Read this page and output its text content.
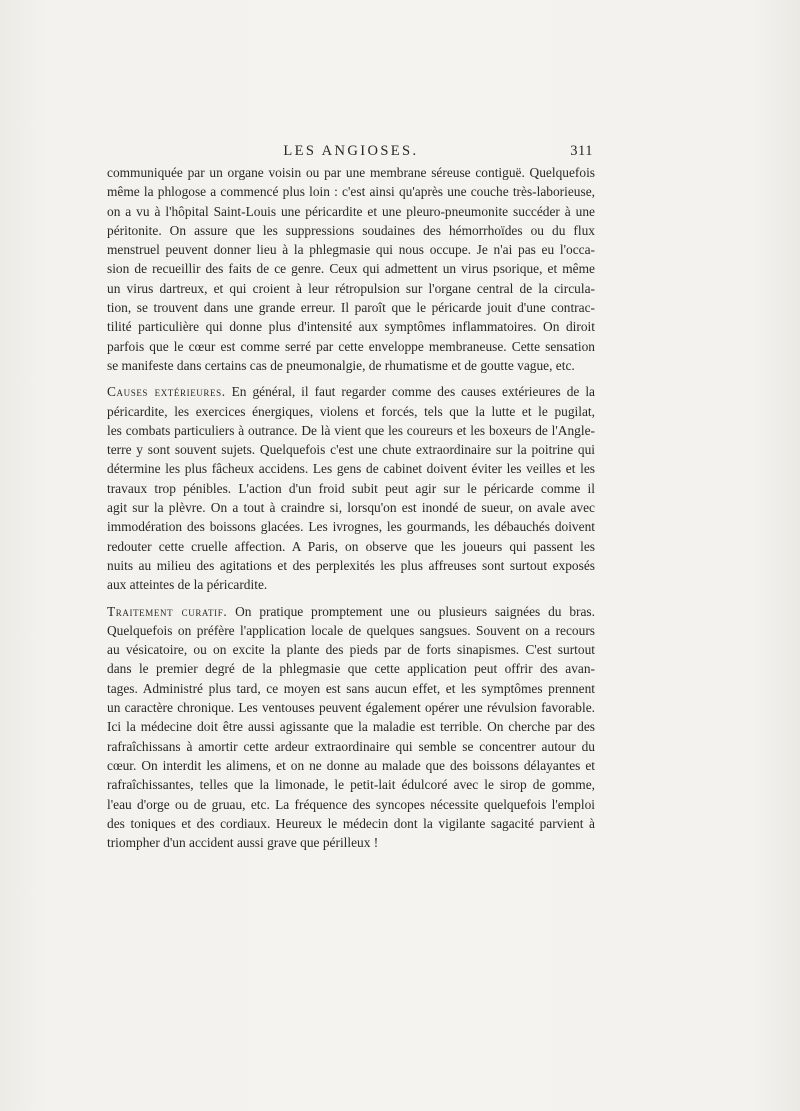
LES ANGIOSES.	311

communiquée par un organe voisin ou par une membrane séreuse contiguë. Quelquefois
même la phlogose a commencé plus loin : c'est ainsi qu'après une couche très-laborieuse,
on a vu à l'hôpital Saint-Louis une péricardite et une pleuro-pneumonite succéder à une
péritonite. On assure que les suppressions soudaines des hémorrhoïdes ou du flux
menstruel peuvent donner lieu à la phlegmasie qui nous occupe. Je n'ai pas eu l'occa-
sion de recueillir des faits de ce genre. Ceux qui admettent un virus psorique, et même
un virus dartreux, et qui croient à leur rétropulsion sur l'organe central de la circula-
tion, se trouvent dans une grande erreur. Il paroît que le péricarde jouit d'une contrac-
tilité particulière qui donne plus d'intensité aux symptômes inflammatoires. On diroit
parfois que le cœur est comme serré par cette enveloppe membraneuse. Cette sensation
se manifeste dans certains cas de pneumonalgie, de rhumatisme et de goutte vague, etc.

Causes extérieures. En général, il faut regarder comme des causes extérieures de la
péricardite, les exercices énergiques, violens et forcés, tels que la lutte et le pugilat,
les combats particuliers à outrance. De là vient que les coureurs et les boxeurs de l'Angle-
terre y sont souvent sujets. Quelquefois c'est une chute extraordinaire sur la poitrine qui
détermine les plus fâcheux accidens. Les gens de cabinet doivent éviter les veilles et les
travaux trop pénibles. L'action d'un froid subit peut agir sur le péricarde comme il
agit sur la plèvre. On a tout à craindre si, lorsqu'on est inondé de sueur, on avale avec
immodération des boissons glacées. Les ivrognes, les gourmands, les débauchés doivent
redouter cette cruelle affection. A Paris, on observe que les joueurs qui passent les
nuits au milieu des agitations et des perplexités les plus affreuses sont surtout exposés
aux atteintes de la péricardite.

Traitement curatif. On pratique promptement une ou plusieurs saignées du bras.
Quelquefois on préfère l'application locale de quelques sangsues. Souvent on a recours
au vésicatoire, ou on excite la plante des pieds par de forts sinapismes. C'est surtout
dans le premier degré de la phlegmasie que cette application peut offrir des avan-
tages. Administré plus tard, ce moyen est sans aucun effet, et les symptômes prennent
un caractère chronique. Les ventouses peuvent également opérer une révulsion favorable.
Ici la médecine doit être aussi agissante que la maladie est terrible. On cherche par des
rafraîchissans à amortir cette ardeur extraordinaire qui semble se concentrer autour du
cœur. On interdit les alimens, et on ne donne au malade que des boissons délayantes et
rafraîchissantes, telles que la limonade, le petit-lait édulcoré avec le sirop de gomme,
l'eau d'orge ou de gruau, etc. La fréquence des syncopes nécessite quelquefois l'emploi
des toniques et des cordiaux. Heureux le médecin dont la vigilante sagacité parvient à
triompher d'un accident aussi grave que périlleux !
